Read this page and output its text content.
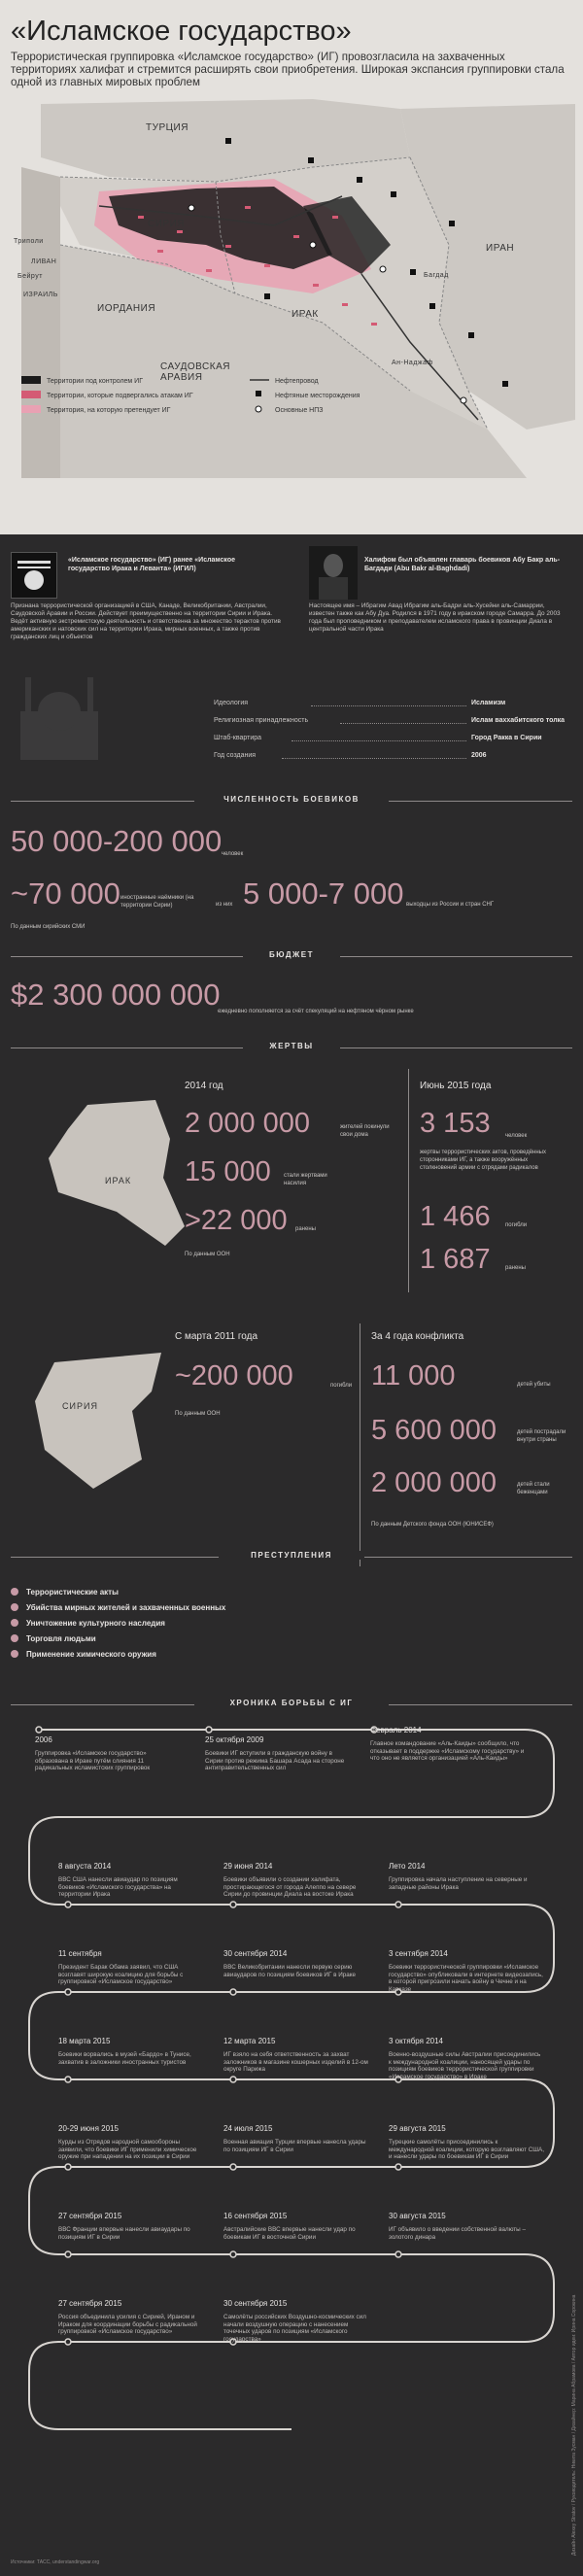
«Исламское государство»
Террористическая группировка «Исламское государство» (ИГ) провозгласила на захваченных территориях халифат и стремится расширять свои приобретения. Широкая экспансия группировки стала одной из главных мировых проблем
ТУРЦИЯ
СИРИЯ
ИРАК
ИРАН
ИОРДАНИЯ
САУДОВСКАЯ АРАВИЯ
ЛИВАН
ИЗРАИЛЬ
Триполи
Бейрут	Багдад
Ан-Наджаф
Территории под контролем ИГ
Территории, которые подвергались атакам ИГ
Территория, на которую претендует ИГ
Нефтепровод
Нефтяные месторождения
Основные НПЗ
«Исламское государство» (ИГ) ранее «Исламское государство Ирака и Леванта» (ИГИЛ)
Признана террористической организацией в США, Канаде, Великобритании, Австралии, Саудовской Аравии и России. Действует преимущественно на территории Сирии и Ирака. Ведёт активную экстремистскую деятельность и ответственна за множество терактов против американских и натовских сил на территории Ирака, мирных военных, а также против гражданских лиц и объектов
Халифом был объявлен главарь боевиков Абу Бакр аль-Багдади (Abu Bakr al-Baghdadi)
Настоящее имя – Ибрагим Авад Ибрагим аль-Бадри аль-Хусейни аль-Самаррии, известен также как Абу Дуа. Родился в 1971 году в иракском городе Самарра. До 2003 года был проповедником и преподавателем исламского права в провинции Диала в центральной части Ирака
Идеология	Исламизм
Религиозная принадлежность	Ислам ваххабитского толка
Штаб-квартира	Город Ракка в Сирии
Год создания	2006
ЧИСЛЕННОСТЬ БОЕВИКОВ
50 000-200 000 человек
~70 000 иностранные наёмники (на территории Сирии)	из них 5 000-7 000 выходцы из России и стран СНГ
По данным сирийских СМИ
БЮДЖЕТ
$2 300 000 000
ежедневно пополняется за счёт спекуляций на нефтяном чёрном рынке
ЖЕРТВЫ
ИРАК
2014 год
2 000 000	жителей покинули свои дома
15 000 стали жертвами насилия
>22 000 ранены
По данным ООН
Июнь 2015 года
3 153	человек
жертвы террористических актов, проведённых сторонниками ИГ, а также вооружённых столкновений армии с отрядами радикалов
1 466	погибли
1 687	ранены
СИРИЯ
С марта 2011 года
~200 000	погибли
По данным ООН
За 4 года конфликта
11 000	детей убиты
5 600 000	детей пострадали внутри страны
2 000 000	детей стали беженцами
По данным Детского фонда ООН (ЮНИСЕФ)
ПРЕСТУПЛЕНИЯ
Террористические акты
Убийства мирных жителей и захваченных военных
Уничтожение культурного наследия
Торговля людьми
Применение химического оружия
ХРОНИКА БОРЬБЫ С ИГ
2006
Группировка «Исламское государство» образована в Ираке путём слияния 11 радикальных исламистских группировок
25 октября 2009
Боевики ИГ вступили в гражданскую войну в Сирии против режима Башара Асада на стороне антиправительственных сил
Февраль 2014
Главное командование «Аль-Каиды» сообщило, что отказывает в поддержке «Исламскому государству» и что оно не является организацией «Аль-Каиды»
8 августа 2014
ВВС США нанесли авиаудар по позициям боевиков «Исламского государства» на территории Ирака
29 июня 2014
Боевики объявили о создании халифата, простирающегося от города Алеппо на севере Сирии до провинции Диала на востоке Ирака
Лето 2014
Группировка начала наступление на северные и западные районы Ирака
11 сентября
Президент Барак Обама заявил, что США возглавят широкую коалицию для борьбы с группировкой «Исламское государство»
30 сентября 2014
ВВС Великобритании нанесли первую серию авиаударов по позициям боевиков ИГ в Ираке
3 сентября 2014
Боевики террористической группировки «Исламское государство» опубликовали в интернете видеозапись, в которой пригрозили начать войну в Чечне и на Кавказе
18 марта 2015
Боевики ворвались в музей «Бардо» в Тунисе, захватив в заложники иностранных туристов
12 марта 2015
ИГ взяло на себя ответственность за захват заложников в магазине кошерных изделий в 12-ом округе Парижа
3 октября 2014
Военно-воздушные силы Австралии присоединились к международной коалиции, наносящей удары по позициям боевиков террористической группировки «Исламское государство» в Ираке
20-29 июня 2015
Курды из Отрядов народной самообороны заявили, что боевики ИГ применили химическое оружие при нападении на их позиции в Сирии
24 июля 2015
Военная авиация Турции впервые нанесла удары по позициям ИГ в Сирии
29 августа 2015
Турецкие самолёты присоединились к международной коалиции, которую возглавляют США, и нанесли удары по боевикам ИГ в Сирии
27 сентября 2015
ВВС Франции впервые нанесли авиаудары по позициям ИГ в Сирии
16 сентября 2015
Австралийские ВВС впервые нанесли удар по боевикам ИГ в восточной Сирии
30 августа 2015
ИГ объявило о введении собственной валюты – золотого динара
27 сентября 2015
Россия объединила усилия с Сирией, Ираном и Ираком для координации борьбы с радикальной группировкой «Исламское государство»
30 сентября 2015
Самолёты российских Воздушно-космических сил начали воздушную операцию с нанесением точечных ударов по позициям «Исламского государства»
Источники: ТАСС, understandingwar.org
Дизайн Alexey Stratov / Руководитель: Никита Зусман / Дизайнер: Марина Абрамова / Автор идеи: Ирина Сорокина
